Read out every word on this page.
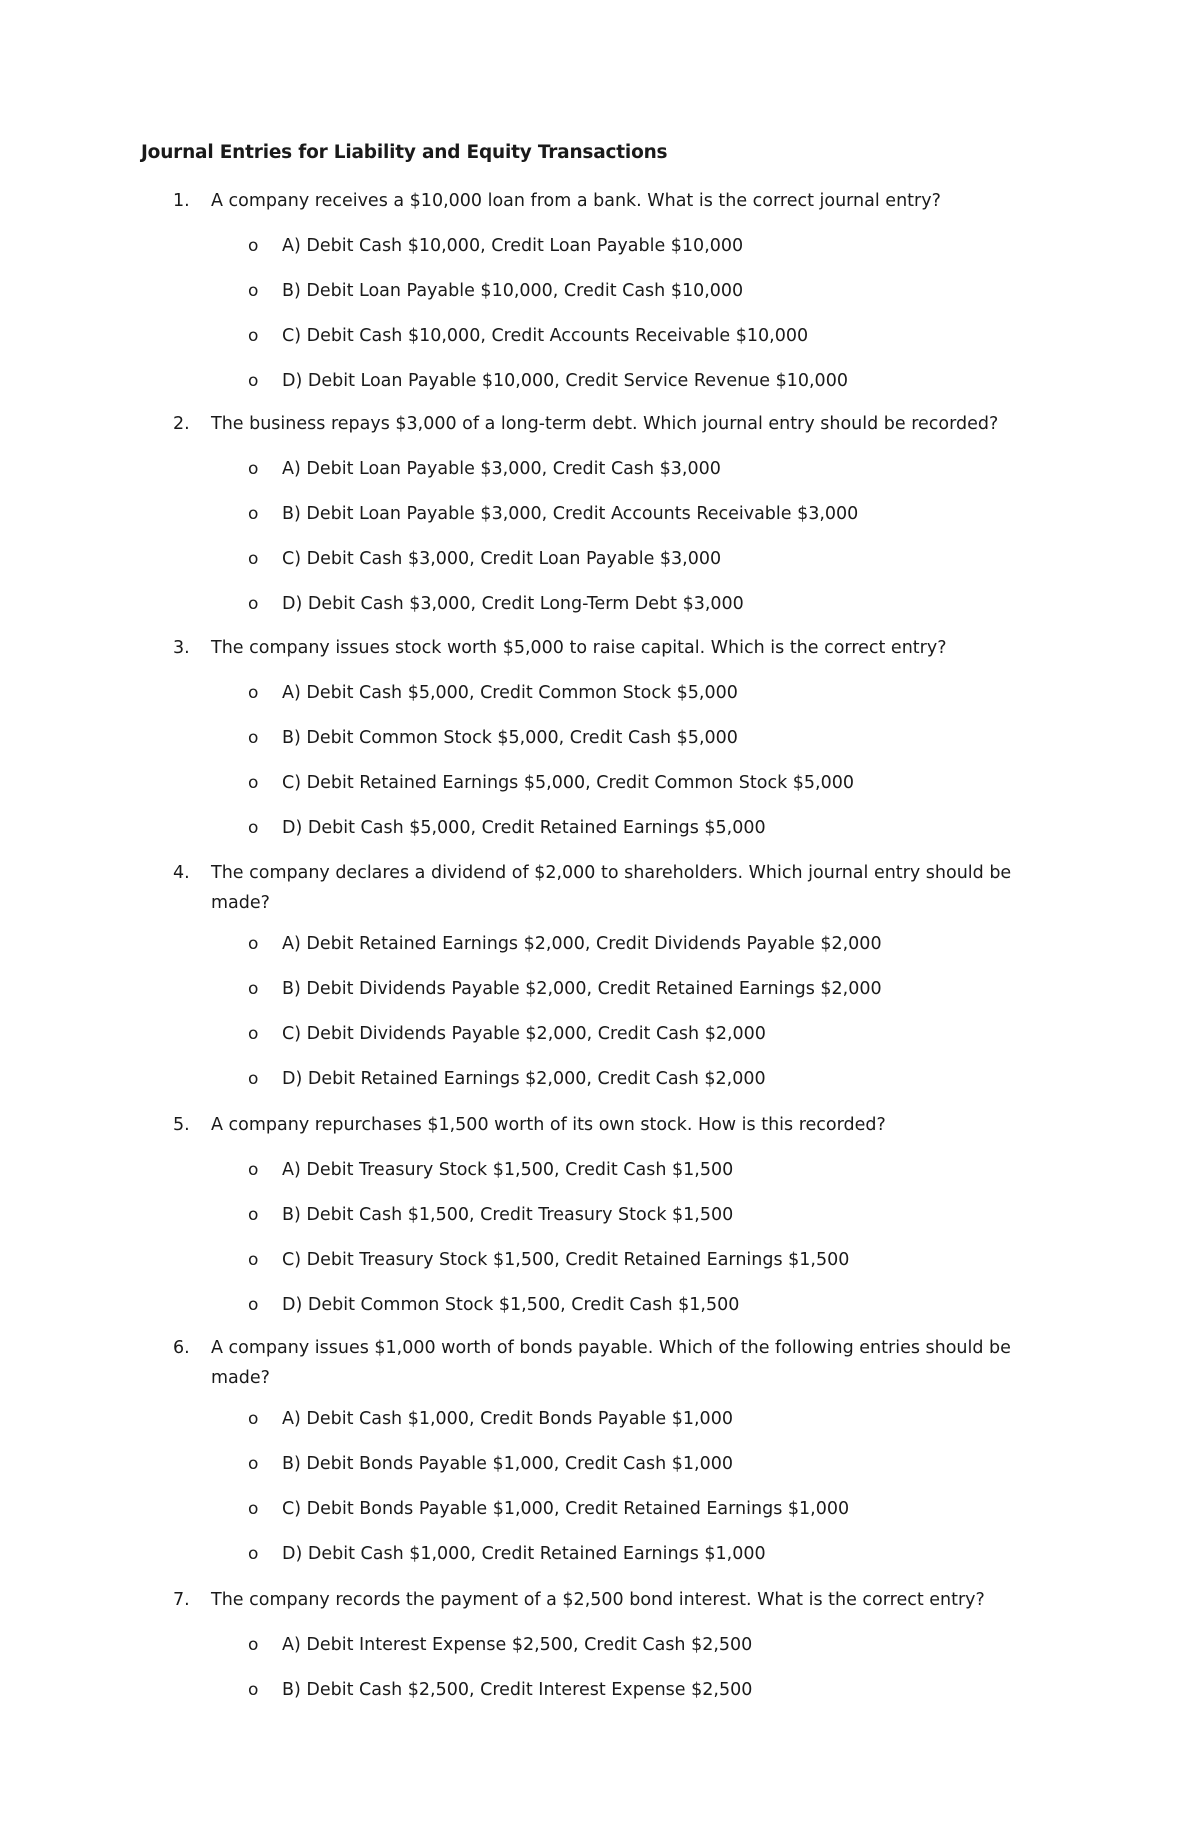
Journal Entries for Liability and Equity Transactions
1. A company receives a $10,000 loan from a bank. What is the correct journal entry?
o A) Debit Cash $10,000, Credit Loan Payable $10,000
o B) Debit Loan Payable $10,000, Credit Cash $10,000
o C) Debit Cash $10,000, Credit Accounts Receivable $10,000
o D) Debit Loan Payable $10,000, Credit Service Revenue $10,000
2. The business repays $3,000 of a long-term debt. Which journal entry should be recorded?
o A) Debit Loan Payable $3,000, Credit Cash $3,000
o B) Debit Loan Payable $3,000, Credit Accounts Receivable $3,000
o C) Debit Cash $3,000, Credit Loan Payable $3,000
o D) Debit Cash $3,000, Credit Long-Term Debt $3,000
3. The company issues stock worth $5,000 to raise capital. Which is the correct entry?
o A) Debit Cash $5,000, Credit Common Stock $5,000
o B) Debit Common Stock $5,000, Credit Cash $5,000
o C) Debit Retained Earnings $5,000, Credit Common Stock $5,000
o D) Debit Cash $5,000, Credit Retained Earnings $5,000
4. The company declares a dividend of $2,000 to shareholders. Which journal entry should be made?
o A) Debit Retained Earnings $2,000, Credit Dividends Payable $2,000
o B) Debit Dividends Payable $2,000, Credit Retained Earnings $2,000
o C) Debit Dividends Payable $2,000, Credit Cash $2,000
o D) Debit Retained Earnings $2,000, Credit Cash $2,000
5. A company repurchases $1,500 worth of its own stock. How is this recorded?
o A) Debit Treasury Stock $1,500, Credit Cash $1,500
o B) Debit Cash $1,500, Credit Treasury Stock $1,500
o C) Debit Treasury Stock $1,500, Credit Retained Earnings $1,500
o D) Debit Common Stock $1,500, Credit Cash $1,500
6. A company issues $1,000 worth of bonds payable. Which of the following entries should be made?
o A) Debit Cash $1,000, Credit Bonds Payable $1,000
o B) Debit Bonds Payable $1,000, Credit Cash $1,000
o C) Debit Bonds Payable $1,000, Credit Retained Earnings $1,000
o D) Debit Cash $1,000, Credit Retained Earnings $1,000
7. The company records the payment of a $2,500 bond interest. What is the correct entry?
o A) Debit Interest Expense $2,500, Credit Cash $2,500
o B) Debit Cash $2,500, Credit Interest Expense $2,500
